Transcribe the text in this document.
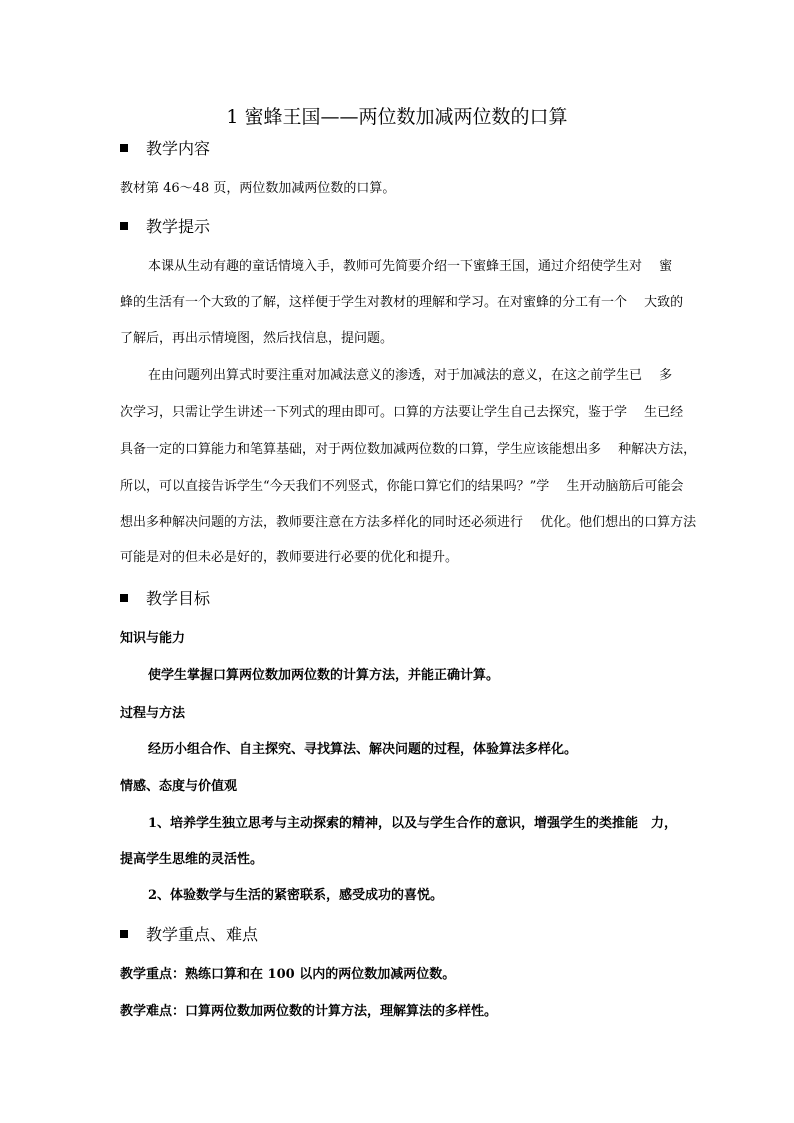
1 蜜蜂王国——两位数加减两位数的口算
教学内容
教材第 46～48 页，两位数加减两位数的口算。
教学提示
本课从生动有趣的童话情境入手，教师可先简要介绍一下蜜蜂王国，通过介绍使学生对　 蜜
蜂的生活有一个大致的了解，这样便于学生对教材的理解和学习。在对蜜蜂的分工有一个　 大致的
了解后，再出示情境图，然后找信息，提问题。
在由问题列出算式时要注重对加减法意义的渗透，对于加减法的意义，在这之前学生已　 多
次学习，只需让学生讲述一下列式的理由即可。口算的方法要让学生自己去探究，鉴于学　 生已经
具备一定的口算能力和笔算基础，对于两位数加减两位数的口算，学生应该能想出多　 种解决方法，
所以，可以直接告诉学生“今天我们不列竖式，你能口算它们的结果吗？”学　 生开动脑筋后可能会
想出多种解决问题的方法，教师要注意在方法多样化的同时还必须进行　 优化。他们想出的口算方法
可能是对的但未必是好的，教师要进行必要的优化和提升。
教学目标
知识与能力
使学生掌握口算两位数加两位数的计算方法，并能正确计算。
过程与方法
经历小组合作、自主探究、寻找算法、解决问题的过程，体验算法多样化。
情感、态度与价值观
1、培养学生独立思考与主动探索的精神，以及与学生合作的意识，增强学生的类推能　力，
提高学生思维的灵活性。
2、体验数学与生活的紧密联系，感受成功的喜悦。
教学重点、难点
教学重点：熟练口算和在 100 以内的两位数加减两位数。
教学难点：口算两位数加两位数的计算方法，理解算法的多样性。
